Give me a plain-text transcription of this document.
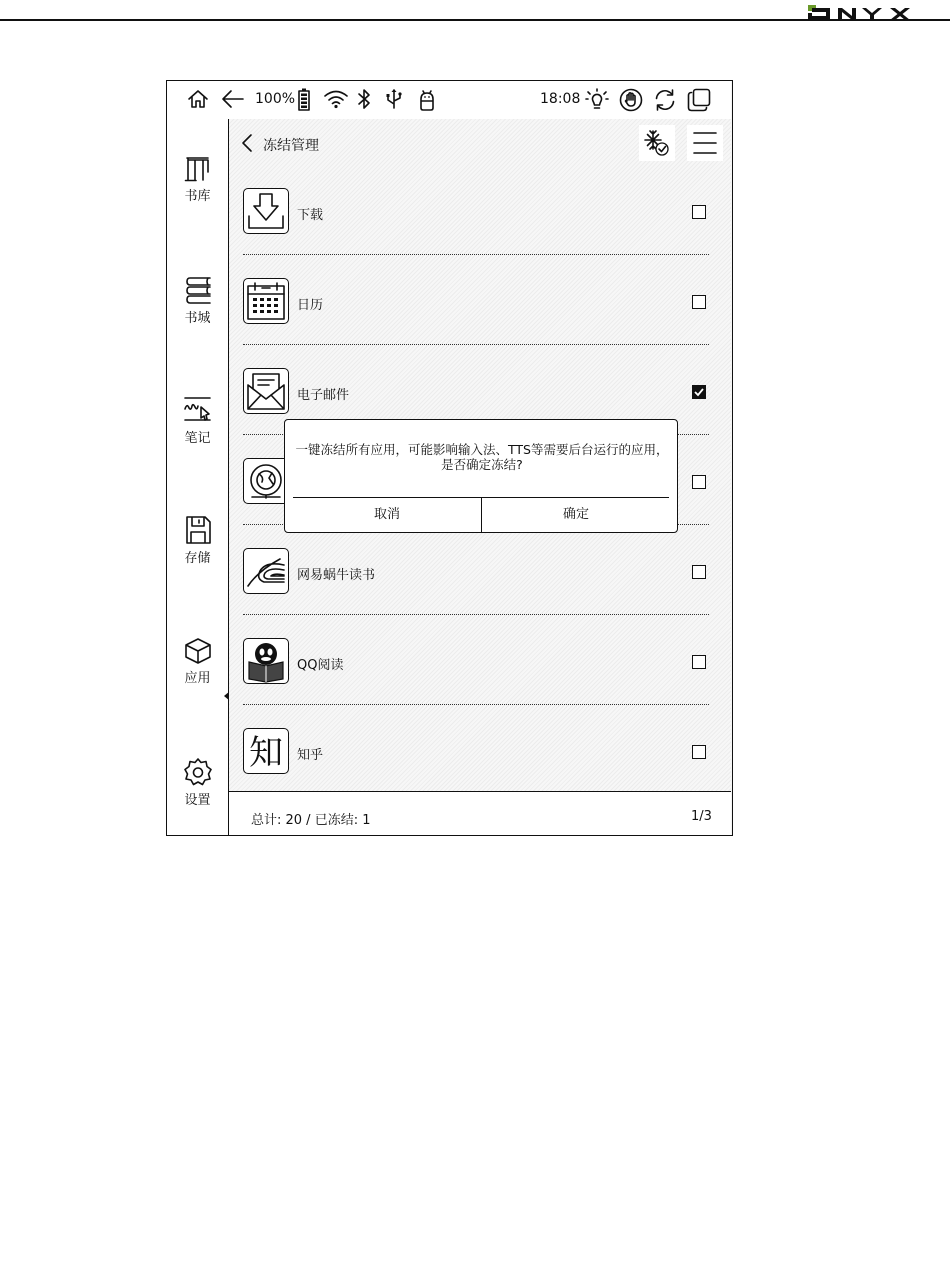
100%	18:08
书库
书城
笔记
存储
应用
设置
冻结管理
下载
日历
电子邮件
网易蜗牛读书
QQ阅读
知 知乎
总计: 20 / 已冻结: 1	1/3
一键冻结所有应用，可能影响输入法、TTS等需要后台运行的应用，是否确定冻结?
取消	确定
